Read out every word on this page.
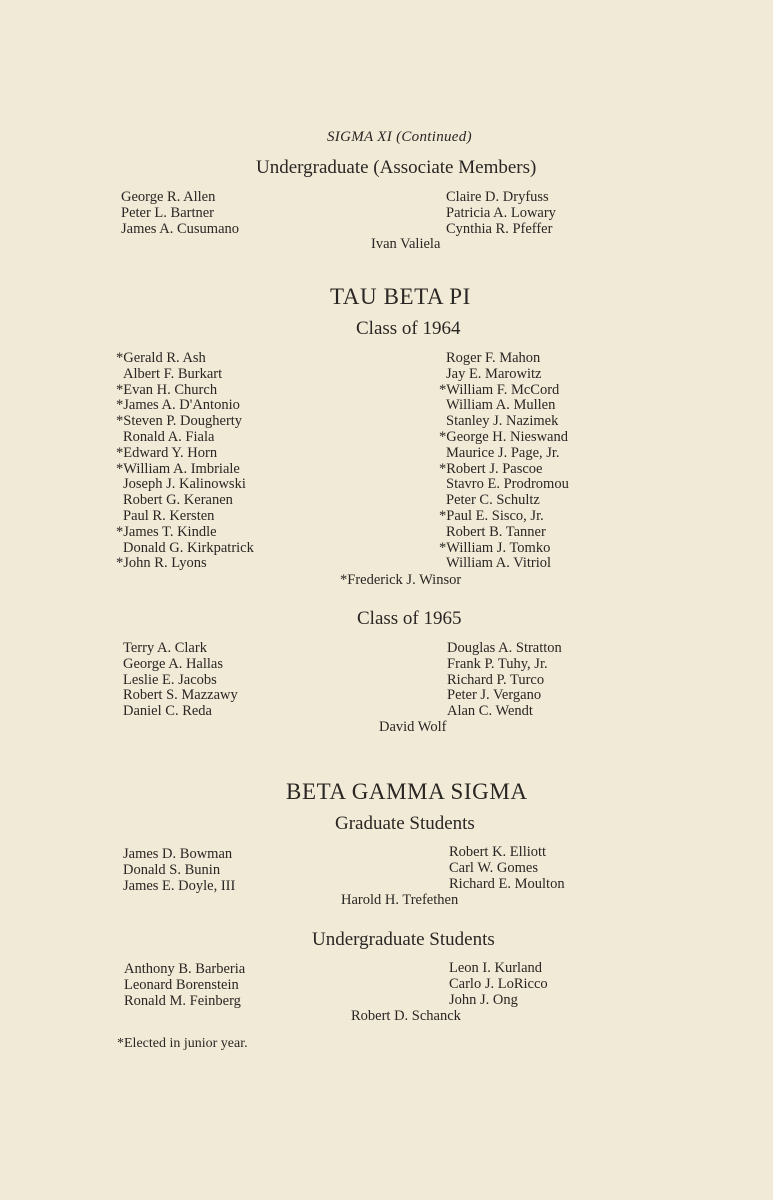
SIGMA XI (Continued)
Undergraduate (Associate Members)
George R. Allen
Peter L. Bartner
James A. Cusumano
Claire D. Dryfuss
Patricia A. Lowary
Cynthia R. Pfeffer
Ivan Valiela
TAU BETA PI
Class of 1964
*Gerald R. Ash
Albert F. Burkart
*Evan H. Church
*James A. D'Antonio
*Steven P. Dougherty
Ronald A. Fiala
*Edward Y. Horn
*William A. Imbriale
Joseph J. Kalinowski
Robert G. Keranen
Paul R. Kersten
*James T. Kindle
Donald G. Kirkpatrick
*John R. Lyons
Roger F. Mahon
Jay E. Marowitz
*William F. McCord
William A. Mullen
Stanley J. Nazimek
*George H. Nieswand
Maurice J. Page, Jr.
*Robert J. Pascoe
Stavro E. Prodromou
Peter C. Schultz
*Paul E. Sisco, Jr.
Robert B. Tanner
*William J. Tomko
William A. Vitriol
*Frederick J. Winsor
Class of 1965
Terry A. Clark
George A. Hallas
Leslie E. Jacobs
Robert S. Mazzawy
Daniel C. Reda
Douglas A. Stratton
Frank P. Tuhy, Jr.
Richard P. Turco
Peter J. Vergano
Alan C. Wendt
David Wolf
BETA GAMMA SIGMA
Graduate Students
James D. Bowman
Donald S. Bunin
James E. Doyle, III
Robert K. Elliott
Carl W. Gomes
Richard E. Moulton
Harold H. Trefethen
Undergraduate Students
Anthony B. Barberia
Leonard Borenstein
Ronald M. Feinberg
Leon I. Kurland
Carlo J. LoRicco
John J. Ong
Robert D. Schanck
*Elected in junior year.
